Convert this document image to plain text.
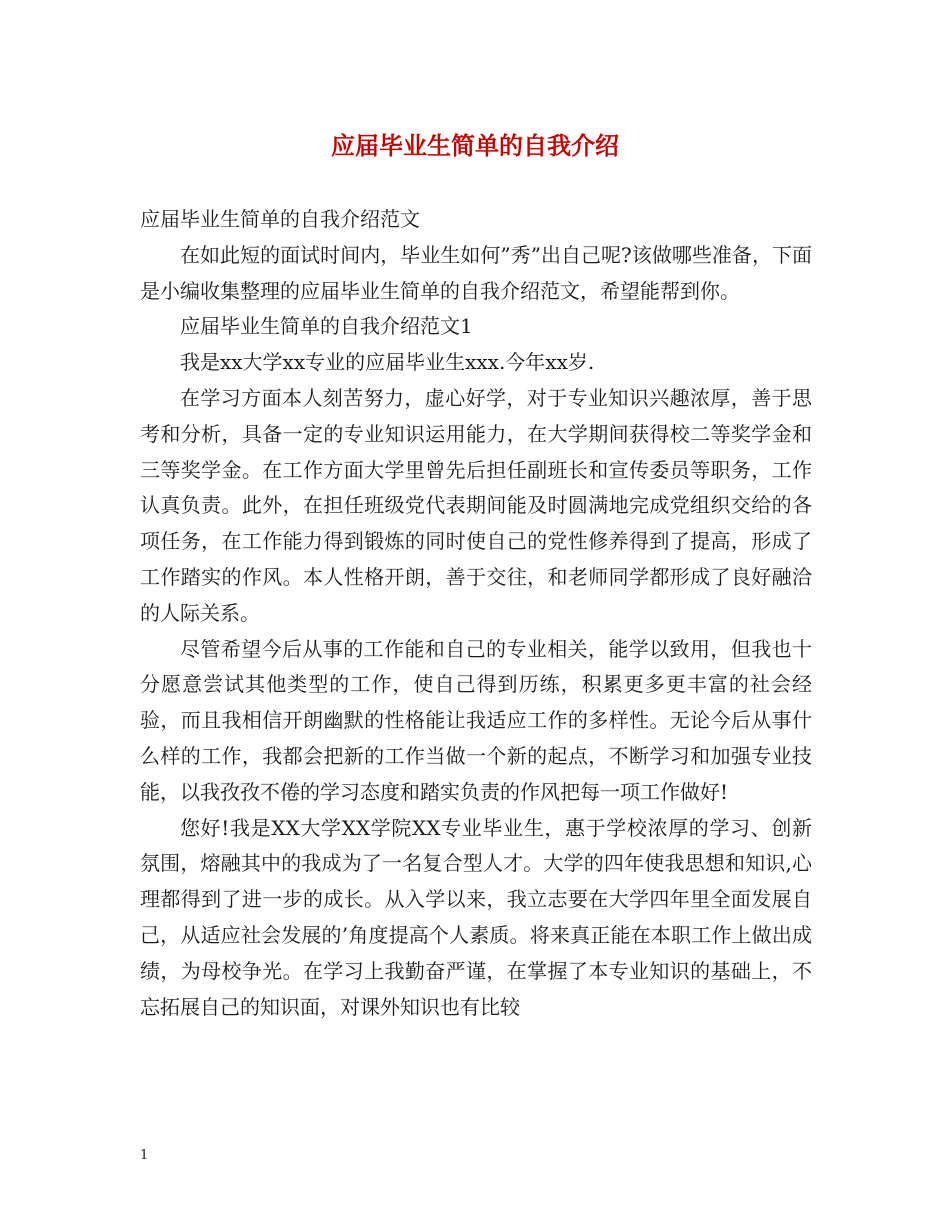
应届毕业生简单的自我介绍

应届毕业生简单的自我介绍范文

在如此短的面试时间内，毕业生如何”秀”出自己呢?该做哪些准备，下面是小编收集整理的应届毕业生简单的自我介绍范文，希望能帮到你。

应届毕业生简单的自我介绍范文1

我是xx大学xx专业的应届毕业生xxx.今年xx岁.

在学习方面本人刻苦努力，虚心好学，对于专业知识兴趣浓厚，善于思考和分析，具备一定的专业知识运用能力，在大学期间获得校二等奖学金和三等奖学金。在工作方面大学里曾先后担任副班长和宣传委员等职务，工作认真负责。此外，在担任班级党代表期间能及时圆满地完成党组织交给的各项任务，在工作能力得到锻炼的同时使自己的党性修养得到了提高，形成了工作踏实的作风。本人性格开朗，善于交往，和老师同学都形成了良好融洽的人际关系。

尽管希望今后从事的工作能和自己的专业相关，能学以致用，但我也十分愿意尝试其他类型的工作，使自己得到历练，积累更多更丰富的社会经验，而且我相信开朗幽默的性格能让我适应工作的多样性。无论今后从事什么样的工作，我都会把新的工作当做一个新的起点，不断学习和加强专业技能，以我孜孜不倦的学习态度和踏实负责的作风把每一项工作做好!

您好!我是XX大学XX学院XX专业毕业生，惠于学校浓厚的学习、创新氛围，熔融其中的我成为了一名复合型人才。大学的四年使我思想和知识,心理都得到了进一步的成长。从入学以来，我立志要在大学四年里全面发展自己，从适应社会发展的’角度提高个人素质。将来真正能在本职工作上做出成绩，为母校争光。在学习上我勤奋严谨，在掌握了本专业知识的基础上，不忘拓展自己的知识面，对课外知识也有比较

1
